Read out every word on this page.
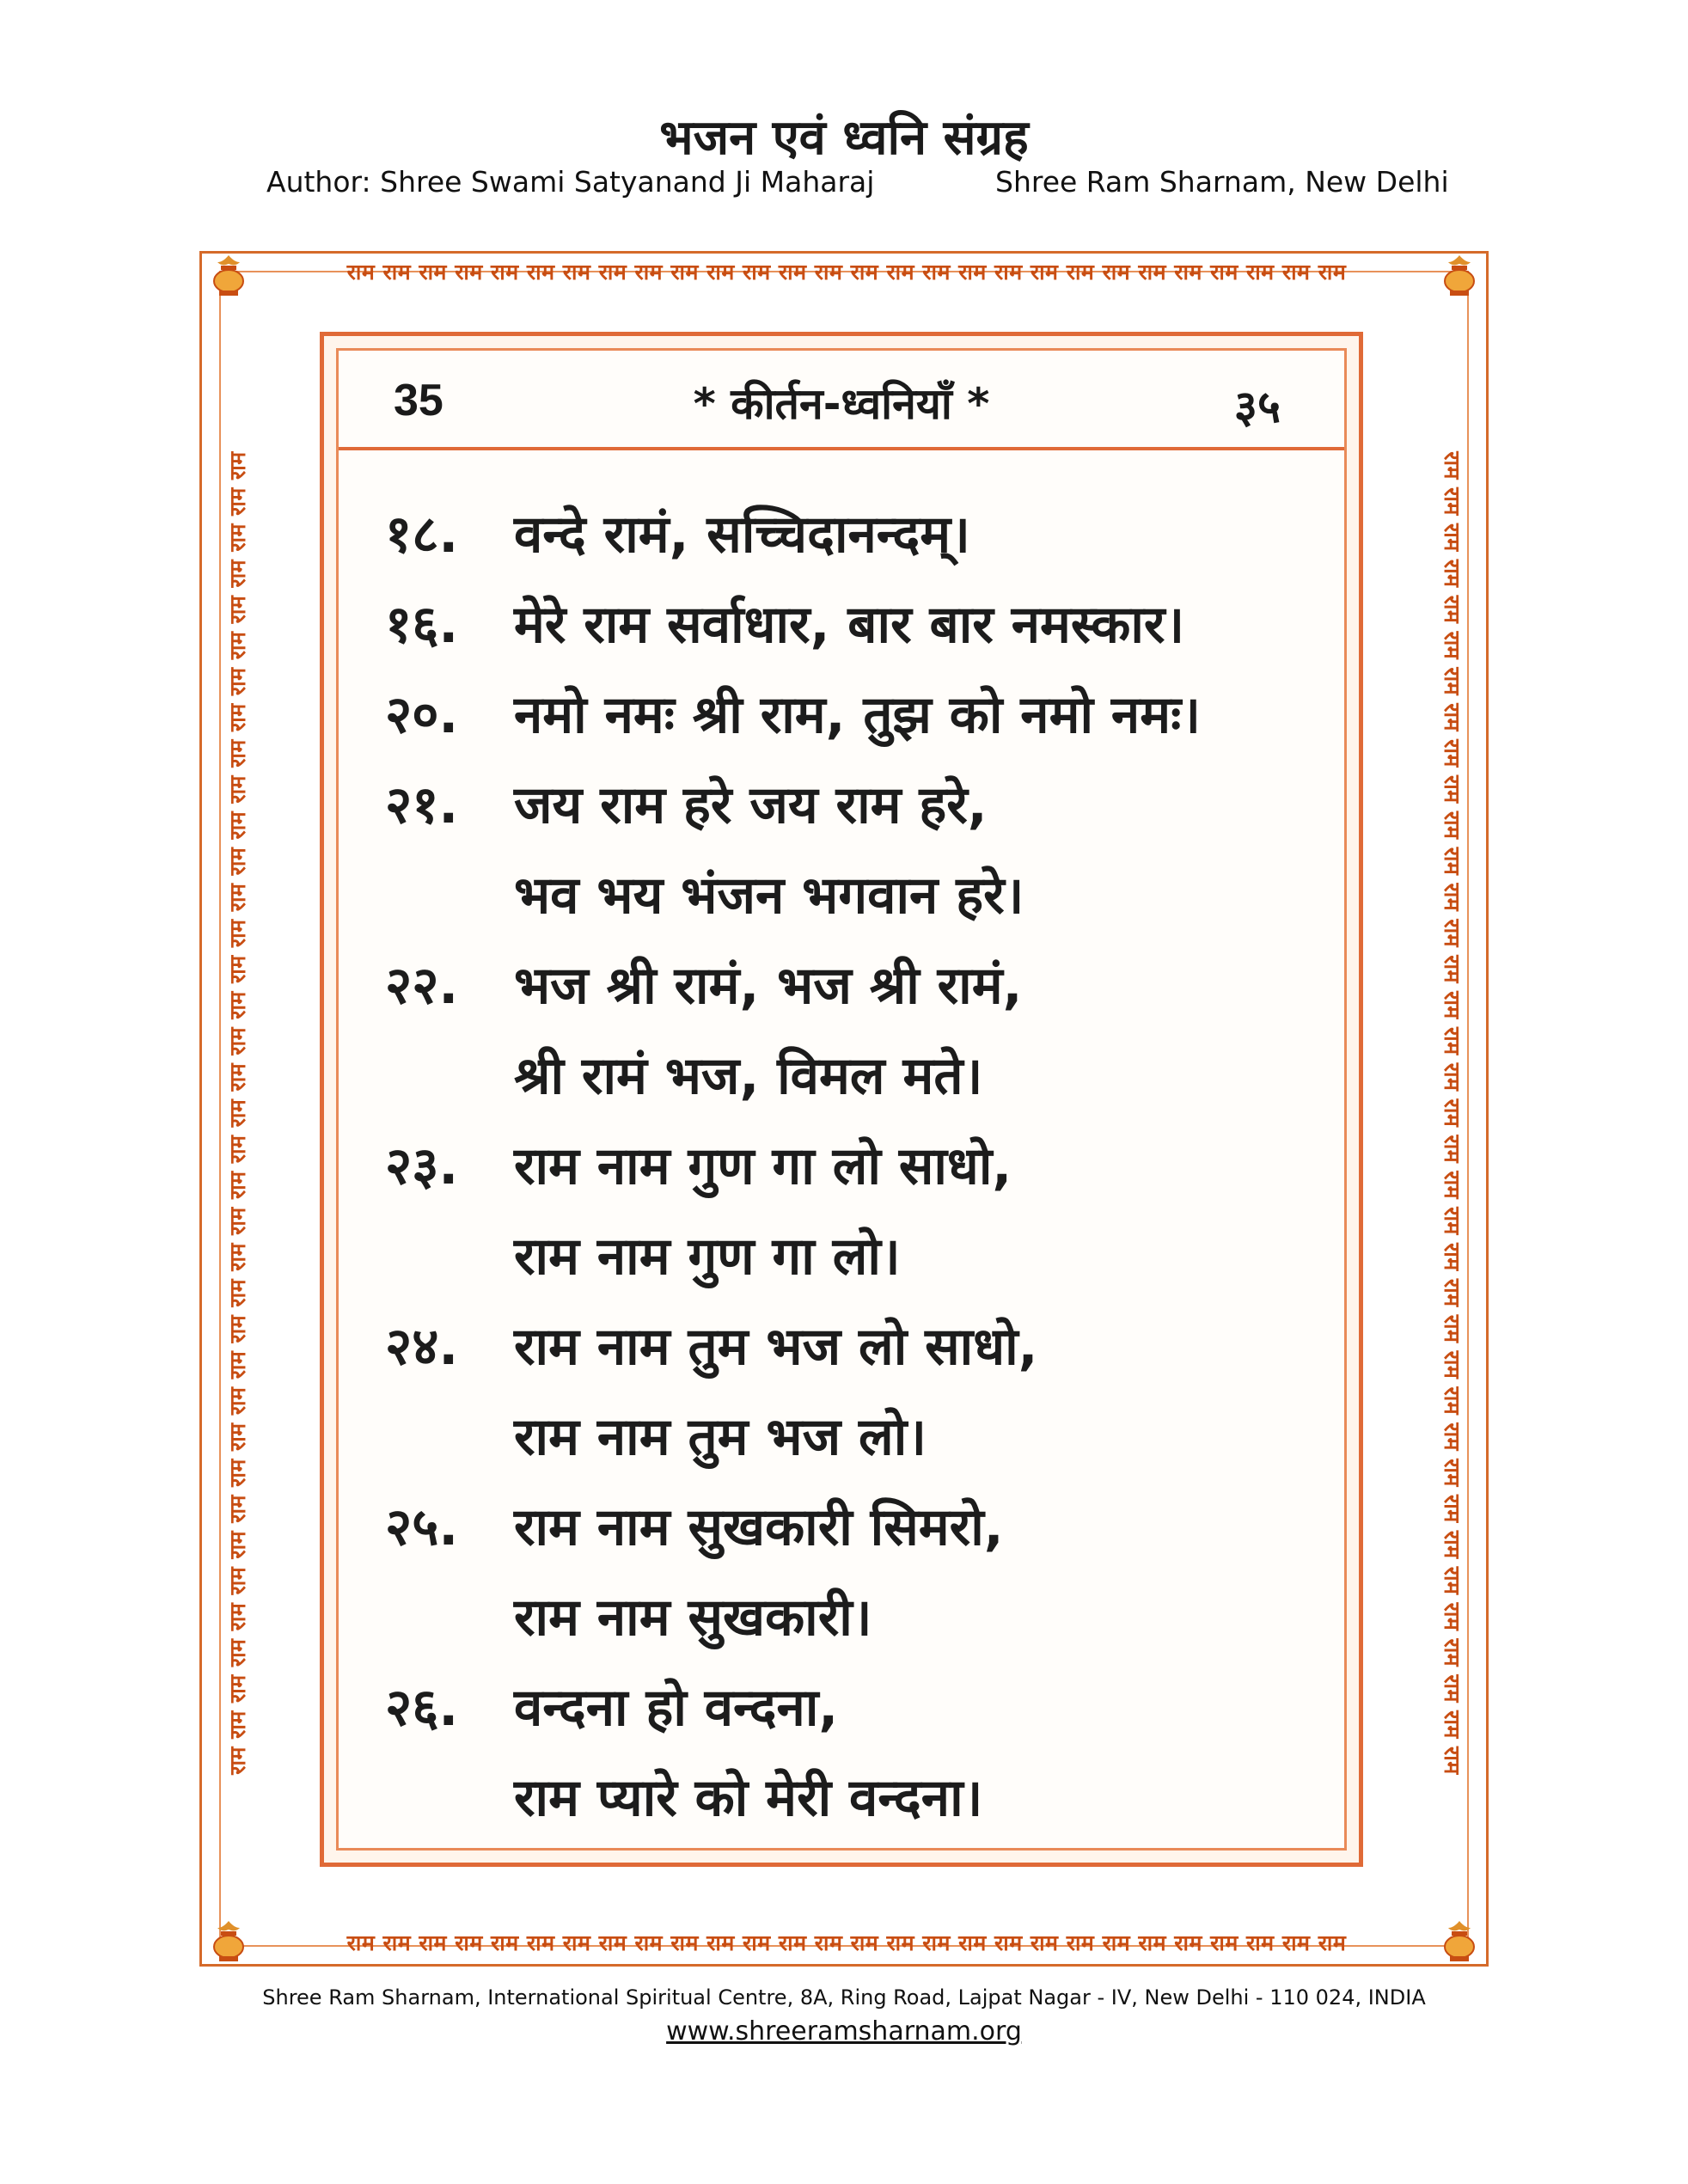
भजन एवं ध्वनि संग्रह
Author: Shree Swami Satyanand Ji Maharaj	Shree Ram Sharnam, New Delhi
राम राम राम राम राम राम राम राम राम राम राम राम राम राम राम राम राम राम राम राम राम राम राम राम राम राम राम राम
राम राम राम राम राम राम राम राम राम राम राम राम राम राम राम राम राम राम राम राम राम राम राम राम राम राम राम राम
राम राम राम राम राम राम राम राम राम राम राम राम राम राम राम राम राम राम राम राम राम राम राम राम राम राम राम राम राम राम राम राम राम राम राम राम राम	राम राम राम राम राम राम राम राम राम राम राम राम राम राम राम राम राम राम राम राम राम राम राम राम राम राम राम राम राम राम राम राम राम राम राम राम राम
35	* कीर्तन-ध्वनियाँ *	३५
१८.	वन्दे रामं, सच्चिदानन्दम्।
१६.	मेरे राम सर्वाधार, बार बार नमस्कार।
२०.	नमो नमः श्री राम, तुझ को नमो नमः।
२१.	जय राम हरे जय राम हरे,
भव भय भंजन भगवान हरे।
२२.	भज श्री रामं, भज श्री रामं,
श्री रामं भज, विमल मते।
२३.	राम नाम गुण गा लो साधो,
राम नाम गुण गा लो।
२४.	राम नाम तुम भज लो साधो,
राम नाम तुम भज लो।
२५.	राम नाम सुखकारी सिमरो,
राम नाम सुखकारी।
२६.	वन्दना हो वन्दना,
राम प्यारे को मेरी वन्दना।
Shree Ram Sharnam, International Spiritual Centre, 8A, Ring Road, Lajpat Nagar - IV, New Delhi - 110 024, INDIA
www.shreeramsharnam.org
